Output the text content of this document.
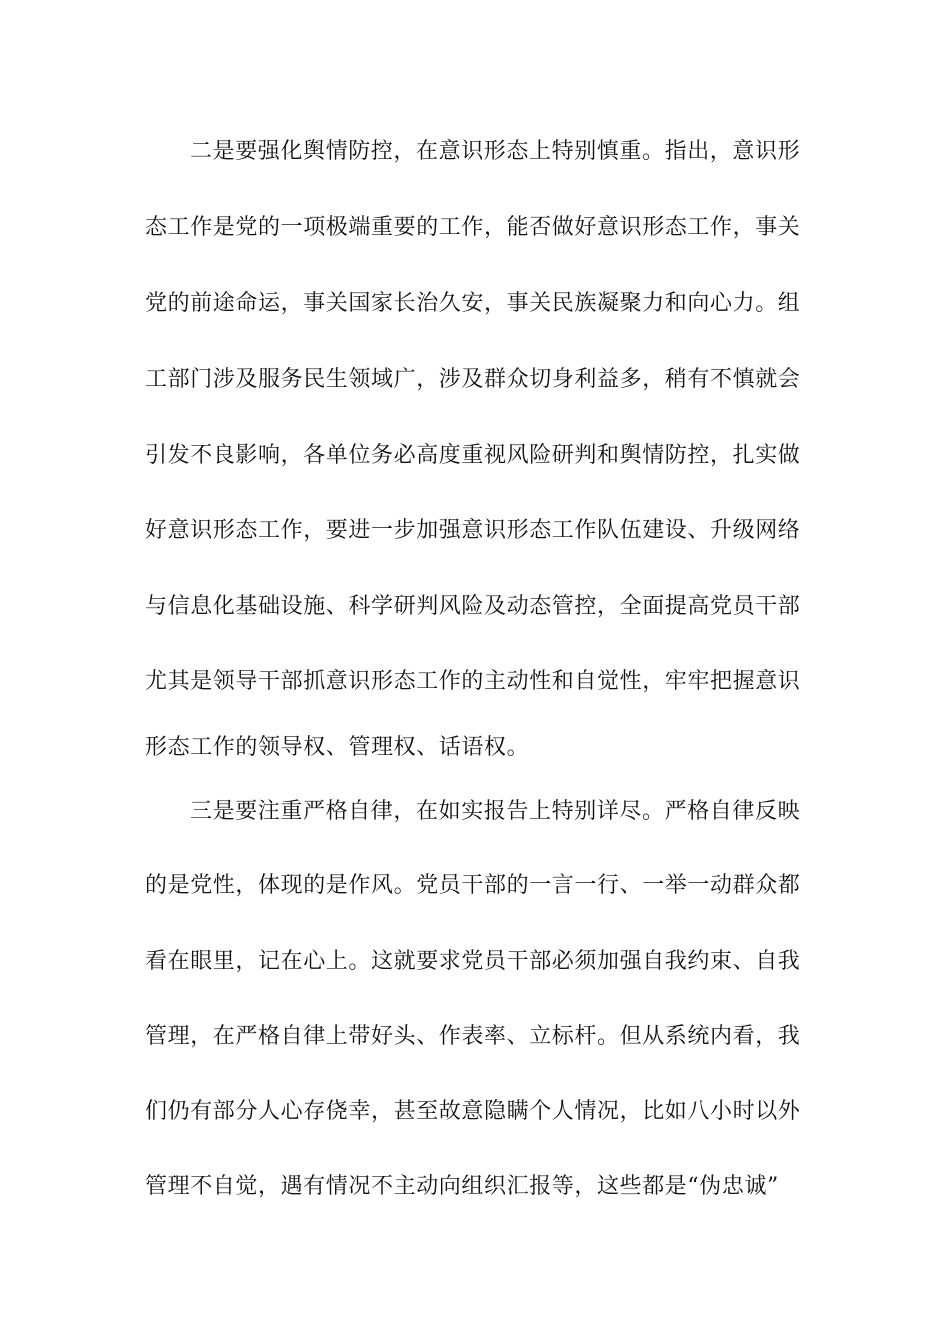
二是要强化舆情防控，在意识形态上特别慎重。指出，意识形
态工作是党的一项极端重要的工作，能否做好意识形态工作，事关
党的前途命运，事关国家长治久安，事关民族凝聚力和向心力。组
工部门涉及服务民生领域广，涉及群众切身利益多，稍有不慎就会
引发不良影响，各单位务必高度重视风险研判和舆情防控，扎实做
好意识形态工作，要进一步加强意识形态工作队伍建设、升级网络
与信息化基础设施、科学研判风险及动态管控，全面提高党员干部
尤其是领导干部抓意识形态工作的主动性和自觉性，牢牢把握意识
形态工作的领导权、管理权、话语权。
三是要注重严格自律，在如实报告上特别详尽。严格自律反映
的是党性，体现的是作风。党员干部的一言一行、一举一动群众都
看在眼里，记在心上。这就要求党员干部必须加强自我约束、自我
管理，在严格自律上带好头、作表率、立标杆。但从系统内看，我
们仍有部分人心存侥幸，甚至故意隐瞒个人情况，比如八小时以外
管理不自觉，遇有情况不主动向组织汇报等，这些都是“伪忠诚”
